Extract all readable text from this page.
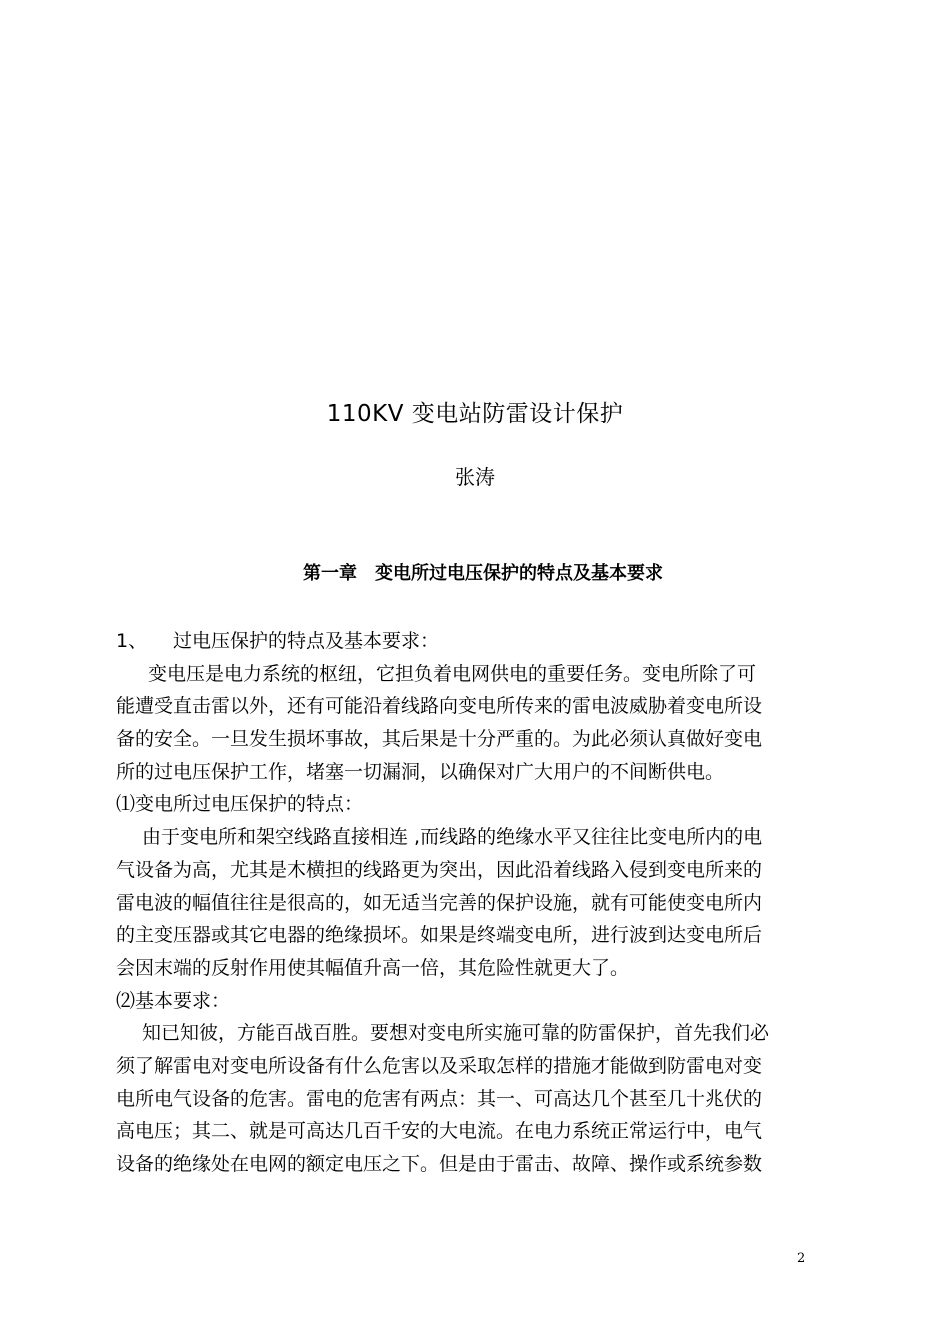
110KV 变电站防雷设计保护
张涛
第一章　变电所过电压保护的特点及基本要求
1、 过电压保护的特点及基本要求：
变电压是电力系统的枢纽，它担负着电网供电的重要任务。变电所除了可
能遭受直击雷以外，还有可能沿着线路向变电所传来的雷电波威胁着变电所设
备的安全。一旦发生损坏事故，其后果是十分严重的。为此必须认真做好变电
所的过电压保护工作，堵塞一切漏洞，以确保对广大用户的不间断供电。
⑴变电所过电压保护的特点：
由于变电所和架空线路直接相连 ,而线路的绝缘水平又往往比变电所内的电
气设备为高，尤其是木横担的线路更为突出，因此沿着线路入侵到变电所来的
雷电波的幅值往往是很高的，如无适当完善的保护设施，就有可能使变电所内
的主变压器或其它电器的绝缘损坏。如果是终端变电所，进行波到达变电所后
会因末端的反射作用使其幅值升高一倍，其危险性就更大了。
⑵基本要求：
知已知彼，方能百战百胜。要想对变电所实施可靠的防雷保护，首先我们必
须了解雷电对变电所设备有什么危害以及采取怎样的措施才能做到防雷电对变
电所电气设备的危害。雷电的危害有两点：其一、可高达几个甚至几十兆伏的
高电压；其二、就是可高达几百千安的大电流。在电力系统正常运行中，电气
设备的绝缘处在电网的额定电压之下。但是由于雷击、故障、操作或系统参数
2
